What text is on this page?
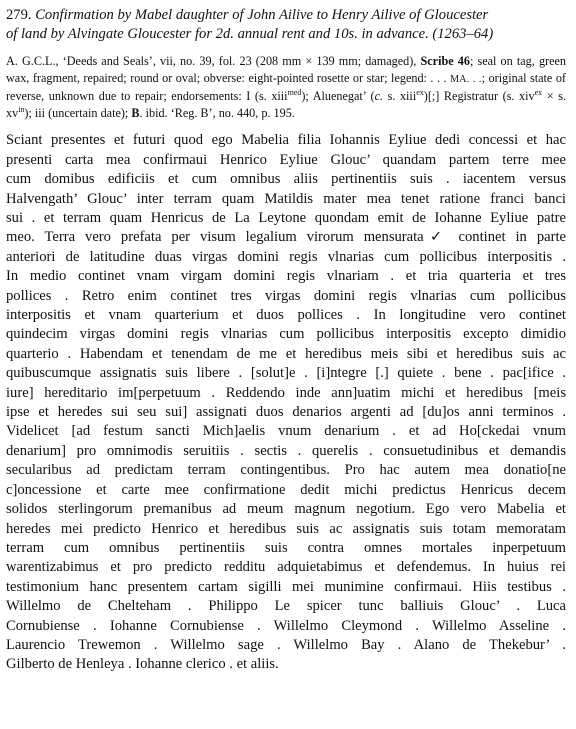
279. Confirmation by Mabel daughter of John Ailive to Henry Ailive of Gloucester
of land by Alvingate Gloucester for 2d. annual rent and 10s. in advance. (1263–64)

A. G.C.L., ‘Deeds and Seals’, vii, no. 39, fol. 23 (208 mm × 139 mm; damaged), Scribe 46; seal on tag, green wax, fragment, repaired; round or oval; obverse: eight-pointed rosette or star; legend: . . . MA. . .; original state of reverse, unknown due to repair; endorsements: I (s. xiii$^{med}$); Aluenegat’ (c. s. xiii$^{ex}$)[;] Registratur (s. xiv$^{ex}$ × s. $xv^{in}$); iii (uncertain date); B. ibid. ‘Reg. B’, no. 440, p. 195.
Sciant presentes et futuri quod ego Mabelia filia Iohannis Eyliue dedi concessi et hac
presenti carta mea confirmaui Henrico Eyliue Glouc’ quandam partem terre mee
cum domibus edificiis et cum omnibus aliis pertinentiis suis . iacentem versus
Halvengath’ Glouc’ inter terram quam Matildis mater mea tenet ratione franci banci
sui . et terram quam Henricus de La Leytone quondam emit de Iohanne Eyliue patre
meo. Terra vero prefata per visum legalium virorum mensurata✓ continet in parte
anteriori de latitudine duas virgas domini regis vlnarias cum pollicibus interpositis .
In medio continet vnam virgam domini regis vlnariam . et tria quarteria et tres
pollices . Retro enim continet tres virgas domini regis vlnarias cum pollicibus
interpositis et vnam quarterium et duos pollices . In longitudine vero continet
quindecim virgas domini regis vlnarias cum pollicibus interpositis excepto dimidio
quarterio . Habendam et tenendam de me et heredibus meis sibi et heredibus suis ac
quibuscumque assignatis suis libere . [solut]e . [i]ntegre [.] quiete . bene . pac[ifice .
iure] hereditario im[perpetuum . Reddendo inde ann]uatim michi et heredibus [meis
ipse et heredes sui seu sui] assignati duos denarios argenti ad [du]os anni terminos .
Videlicet [ad festum sancti Mich]aelis vnum denarium . et ad Ho[ckedai vnum
denarium] pro omnimodis seruitiis . sectis . querelis . consuetudinibus et demandis
secularibus ad predictam terram contingentibus. Pro hac autem mea donatio[ne
c]oncessione et carte mee confirmatione dedit michi predictus Henricus decem
solidos sterlingorum premanibus ad meum magnum negotium. Ego vero Mabelia et
heredes mei predicto Henrico et heredibus suis ac assignatis suis totam memoratam
terram cum omnibus pertinentiis suis contra omnes mortales inperpetuum
warentizabimus et pro predicto redditu adquietabimus et defendemus. In huius rei
testimonium hanc presentem cartam sigilli mei munimine confirmaui. Hiis testibus .
Willelmo de Chelteham . Philippo Le spicer tunc balliuis Glouc’ . Luca
Cornubiense . Iohanne Cornubiense . Willelmo Cleymond . Willelmo Asseline .
Laurencio Trewemon . Willelmo sage . Willelmo Bay . Alano de Thekebur’ .
Gilberto de Henleya . Iohanne clerico . et aliis.
